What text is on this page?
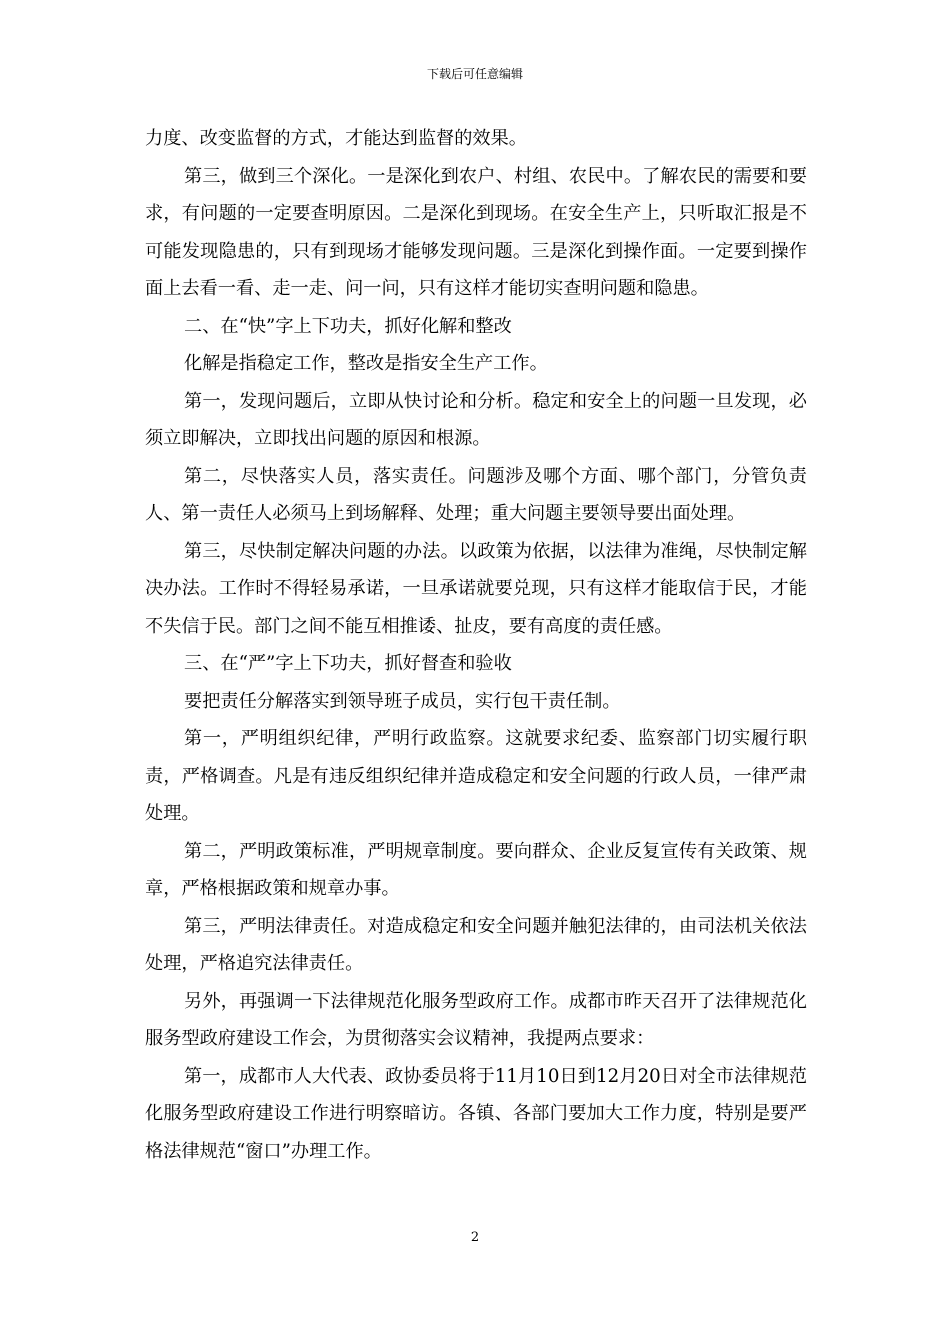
下载后可任意编辑

力度、改变监督的方式，才能达到监督的效果。

第三，做到三个深化。一是深化到农户、村组、农民中。了解农民的需要和要求，有问题的一定要查明原因。二是深化到现场。在安全生产上，只听取汇报是不可能发现隐患的，只有到现场才能够发现问题。三是深化到操作面。一定要到操作面上去看一看、走一走、问一问，只有这样才能切实查明问题和隐患。

二、在“快”字上下功夫，抓好化解和整改

化解是指稳定工作，整改是指安全生产工作。

第一，发现问题后，立即从快讨论和分析。稳定和安全上的问题一旦发现，必须立即解决，立即找出问题的原因和根源。

第二，尽快落实人员，落实责任。问题涉及哪个方面、哪个部门，分管负责人、第一责任人必须马上到场解释、处理；重大问题主要领导要出面处理。

第三，尽快制定解决问题的办法。以政策为依据，以法律为准绳，尽快制定解决办法。工作时不得轻易承诺，一旦承诺就要兑现，只有这样才能取信于民，才能不失信于民。部门之间不能互相推诿、扯皮，要有高度的责任感。

三、在“严”字上下功夫，抓好督查和验收

要把责任分解落实到领导班子成员，实行包干责任制。

第一，严明组织纪律，严明行政监察。这就要求纪委、监察部门切实履行职责，严格调查。凡是有违反组织纪律并造成稳定和安全问题的行政人员，一律严肃处理。

第二，严明政策标准，严明规章制度。要向群众、企业反复宣传有关政策、规章，严格根据政策和规章办事。

第三，严明法律责任。对造成稳定和安全问题并触犯法律的，由司法机关依法处理，严格追究法律责任。

另外，再强调一下法律规范化服务型政府工作。成都市昨天召开了法律规范化服务型政府建设工作会，为贯彻落实会议精神，我提两点要求：

第一，成都市人大代表、政协委员将于11月10日到12月20日对全市法律规范化服务型政府建设工作进行明察暗访。各镇、各部门要加大工作力度，特别是要严格法律规范“窗口”办理工作。

2
